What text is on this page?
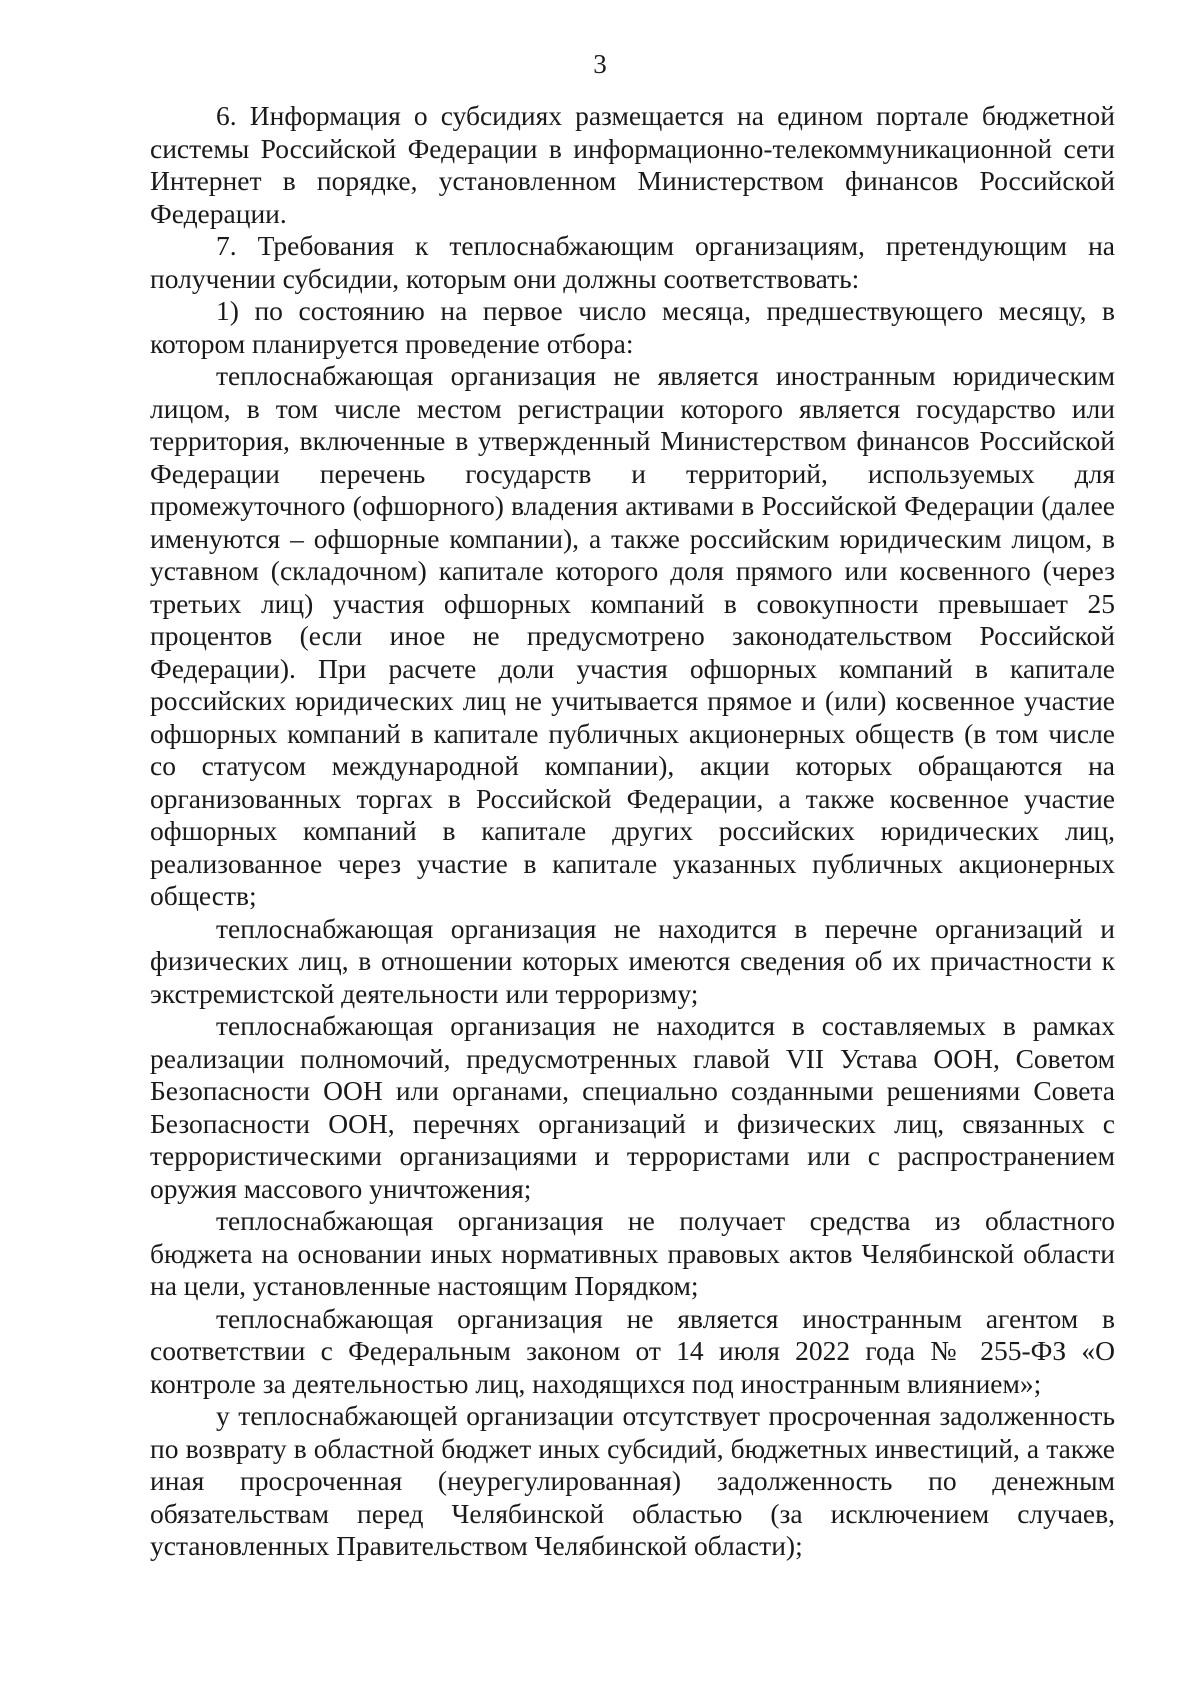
3

6. Информация о субсидиях размещается на едином портале бюджетной системы Российской Федерации в информационно-телекоммуникационной сети Интернет в порядке, установленном Министерством финансов Российской Федерации.

7. Требования к теплоснабжающим организациям, претендующим на получении субсидии, которым они должны соответствовать:

1) по состоянию на первое число месяца, предшествующего месяцу, в котором планируется проведение отбора:

теплоснабжающая организация не является иностранным юридическим лицом, в том числе местом регистрации которого является государство или территория, включенные в утвержденный Министерством финансов Российской Федерации перечень государств и территорий, используемых для промежуточного (офшорного) владения активами в Российской Федерации (далее именуются – офшорные компании), а также российским юридическим лицом, в уставном (складочном) капитале которого доля прямого или косвенного (через третьих лиц) участия офшорных компаний в совокупности превышает 25 процентов (если иное не предусмотрено законодательством Российской Федерации). При расчете доли участия офшорных компаний в капитале российских юридических лиц не учитывается прямое и (или) косвенное участие офшорных компаний в капитале публичных акционерных обществ (в том числе со статусом международной компании), акции которых обращаются на организованных торгах в Российской Федерации, а также косвенное участие офшорных компаний в капитале других российских юридических лиц, реализованное через участие в капитале указанных публичных акционерных обществ;

теплоснабжающая организация не находится в перечне организаций и физических лиц, в отношении которых имеются сведения об их причастности к экстремистской деятельности или терроризму;

теплоснабжающая организация не находится в составляемых в рамках реализации полномочий, предусмотренных главой VII Устава ООН, Советом Безопасности ООН или органами, специально созданными решениями Совета Безопасности ООН, перечнях организаций и физических лиц, связанных с террористическими организациями и террористами или с распространением оружия массового уничтожения;

теплоснабжающая организация не получает средства из областного бюджета на основании иных нормативных правовых актов Челябинской области на цели, установленные настоящим Порядком;

теплоснабжающая организация не является иностранным агентом в соответствии с Федеральным законом от 14 июля 2022 года № 255-ФЗ «О контроле за деятельностью лиц, находящихся под иностранным влиянием»;

у теплоснабжающей организации отсутствует просроченная задолженность по возврату в областной бюджет иных субсидий, бюджетных инвестиций, а также иная просроченная (неурегулированная) задолженность по денежным обязательствам перед Челябинской областью (за исключением случаев, установленных Правительством Челябинской области);
